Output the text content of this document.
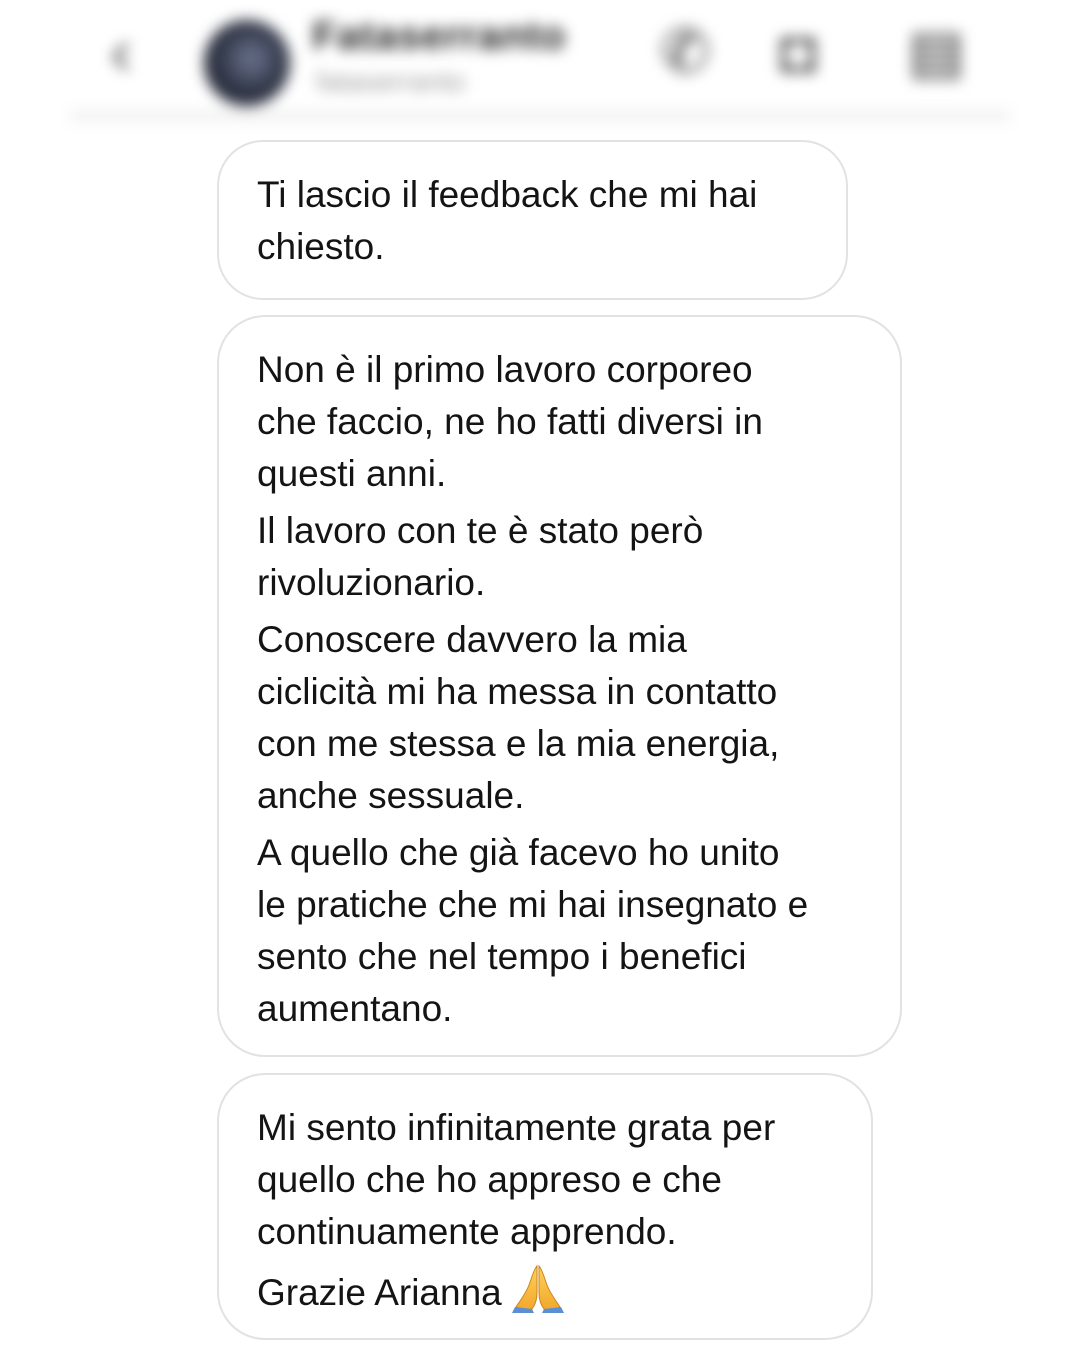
‹	Fataserranto
fataserranto	✆ ◘ ▤
Ti lascio il feedback che mi hai
chiesto.
Non è il primo lavoro corporeo
che faccio, ne ho fatti diversi in
questi anni.
Il lavoro con te è stato però
rivoluzionario.
Conoscere davvero la mia
ciclicità mi ha messa in contatto
con me stessa e la mia energia,
anche sessuale.
A quello che già facevo ho unito
le pratiche che mi hai insegnato e
sento che nel tempo i benefici
aumentano.
Mi sento infinitamente grata per
quello che ho appreso e che
continuamente apprendo.
Grazie Arianna
